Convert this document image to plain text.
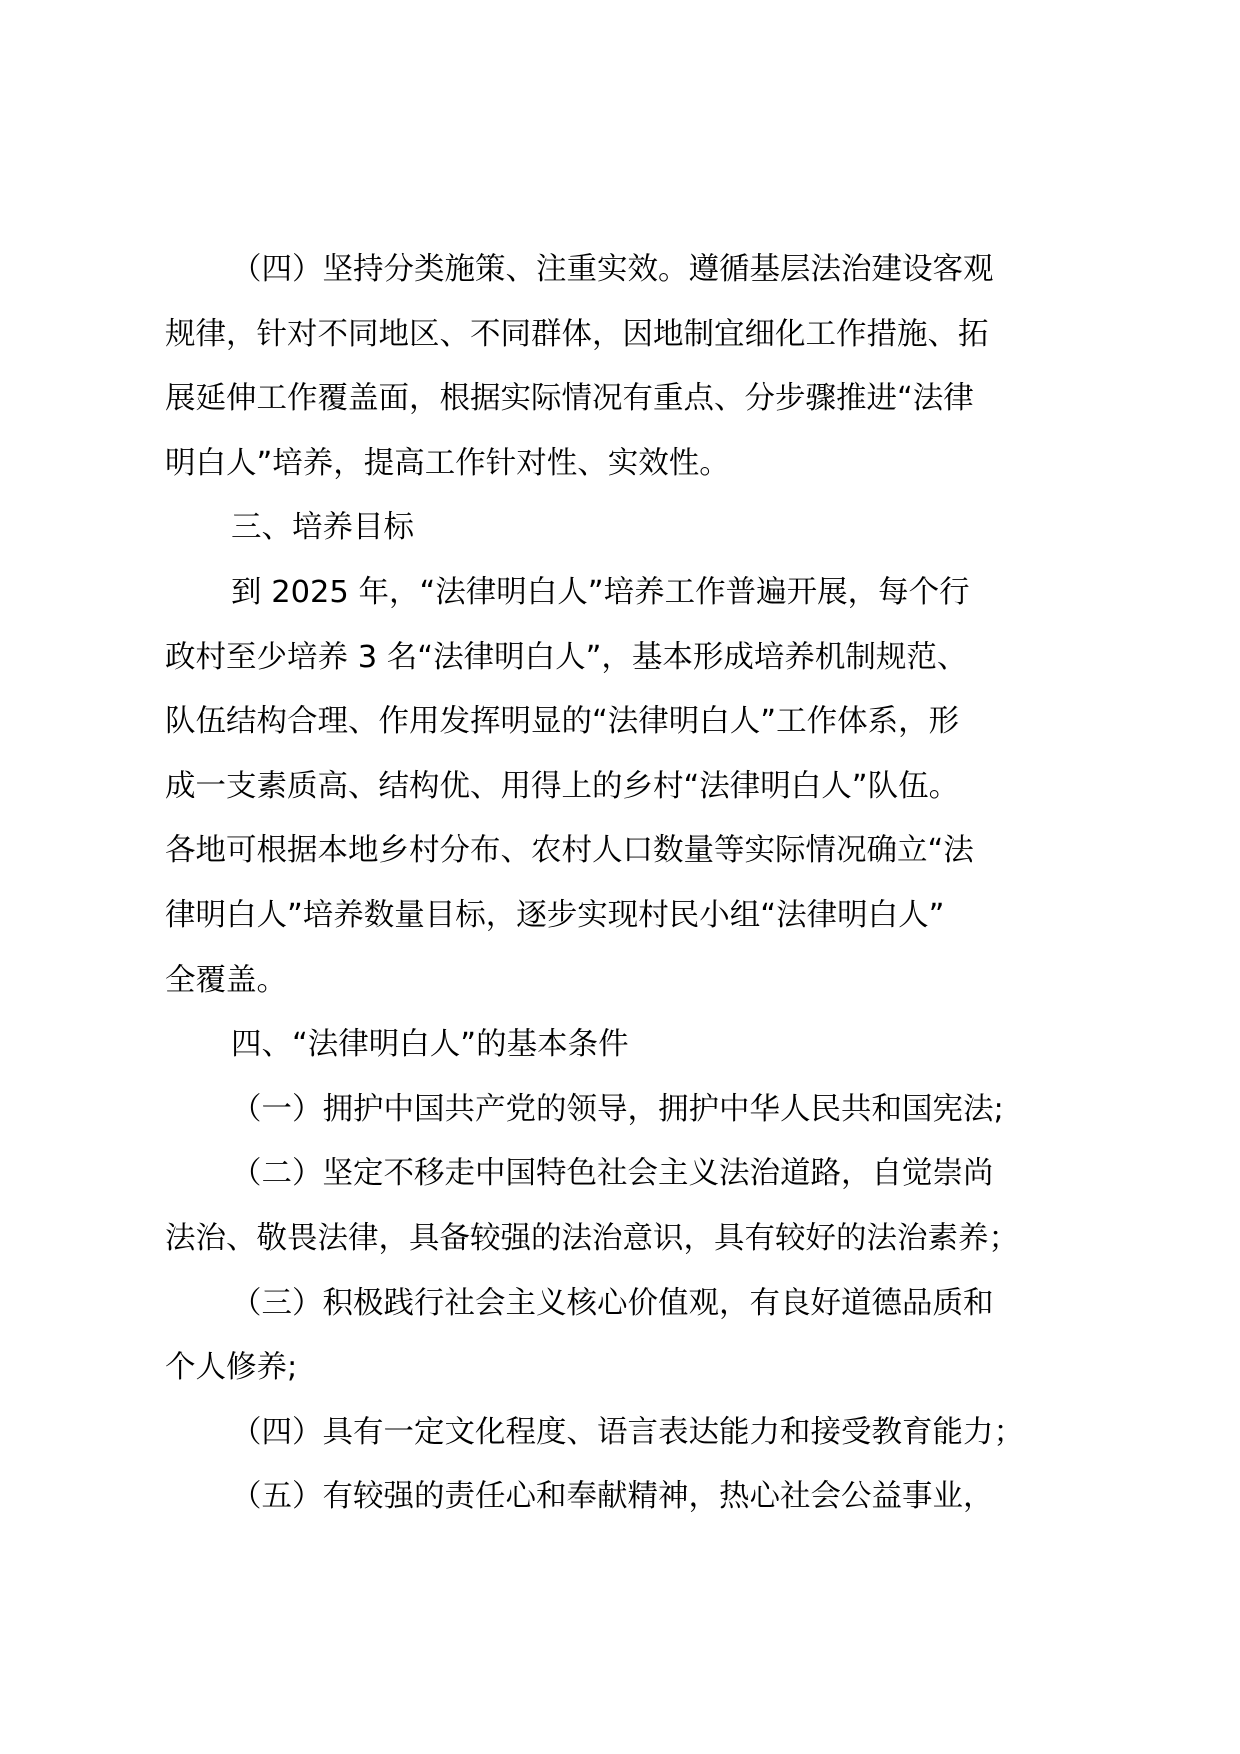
（四）坚持分类施策、注重实效。遵循基层法治建设客观
规律，针对不同地区、不同群体，因地制宜细化工作措施、拓
展延伸工作覆盖面，根据实际情况有重点、分步骤推进“法律
明白人”培养，提高工作针对性、实效性。
三、培养目标
到 2025 年，“法律明白人”培养工作普遍开展，每个行
政村至少培养 3 名“法律明白人”，基本形成培养机制规范、
队伍结构合理、作用发挥明显的“法律明白人”工作体系，形
成一支素质高、结构优、用得上的乡村“法律明白人”队伍。
各地可根据本地乡村分布、农村人口数量等实际情况确立“法
律明白人”培养数量目标，逐步实现村民小组“法律明白人”
全覆盖。
四、“法律明白人”的基本条件
（一）拥护中国共产党的领导，拥护中华人民共和国宪法;
（二）坚定不移走中国特色社会主义法治道路，自觉崇尚
法治、敬畏法律，具备较强的法治意识，具有较好的法治素养；
（三）积极践行社会主义核心价值观，有良好道德品质和
个人修养;
（四）具有一定文化程度、语言表达能力和接受教育能力；
（五）有较强的责任心和奉献精神，热心社会公益事业，
